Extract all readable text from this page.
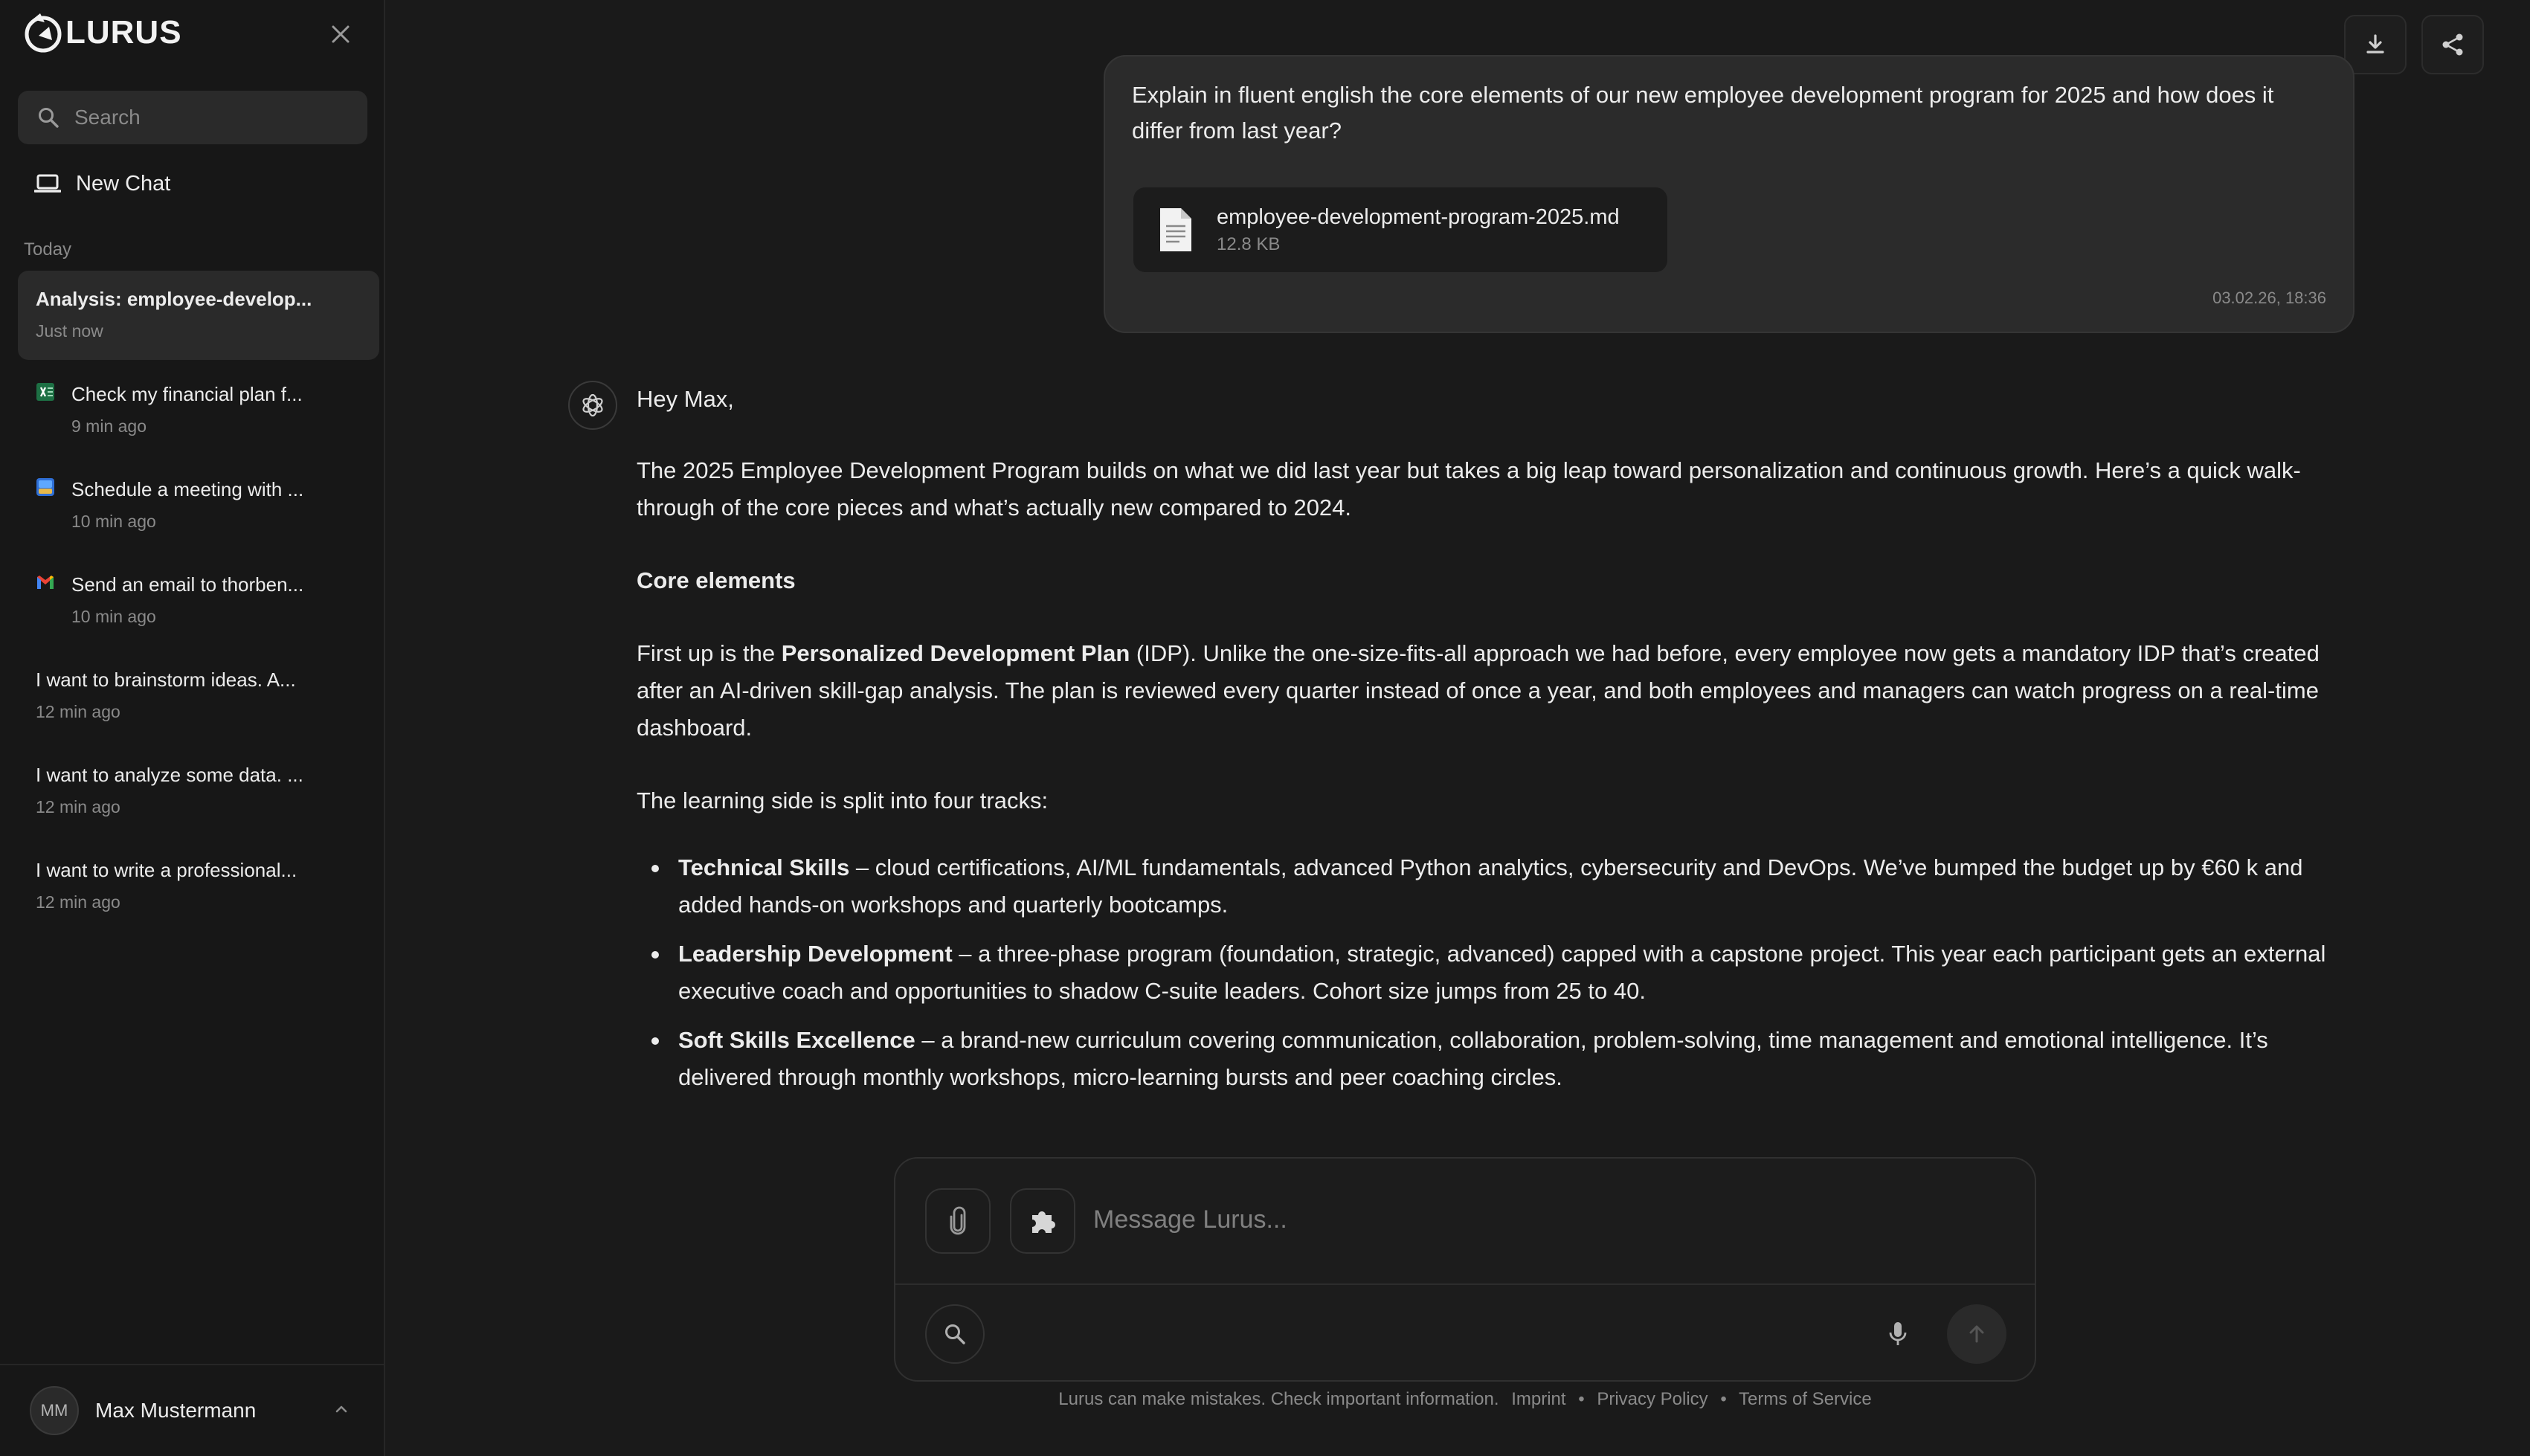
LURUS
Search
New Chat
Today
Analysis: employee-develop...
Just now
Check my financial plan f...
9 min ago
Schedule a meeting with ...
10 min ago
Send an email to thorben...
10 min ago
I want to brainstorm ideas. A...
12 min ago
I want to analyze some data. ...
12 min ago
I want to write a professional...
12 min ago
MM	Max Mustermann
Explain in fluent english the core elements of our new employee development program for 2025 and how does it differ from last year?
employee-development-program-2025.md
12.8 KB
03.02.26, 18:36

Hey Max,

The 2025 Employee Development Program builds on what we did last year but takes a big leap toward personalization and continuous growth. Here’s a quick walk-through of the core pieces and what’s actually new compared to 2024.

Core elements

First up is the Personalized Development Plan (IDP). Unlike the one-size-fits-all approach we had before, every employee now gets a mandatory IDP that’s created after an AI-driven skill-gap analysis. The plan is reviewed every quarter instead of once a year, and both employees and managers can watch progress on a real-time dashboard.

The learning side is split into four tracks:

Technical Skills – cloud certifications, AI/ML fundamentals, advanced Python analytics, cybersecurity and DevOps. We’ve bumped the budget up by €60 k and added hands-on workshops and quarterly bootcamps.
Leadership Development – a three-phase program (foundation, strategic, advanced) capped with a capstone project. This year each participant gets an external executive coach and opportunities to shadow C-suite leaders. Cohort size jumps from 25 to 40.
Soft Skills Excellence – a brand-new curriculum covering communication, collaboration, problem-solving, time management and emotional intelligence. It’s delivered through monthly workshops, micro-learning bursts and peer coaching circles.
Message Lurus...
Lurus can make mistakes. Check important information. Imprint • Privacy Policy • Terms of Service
